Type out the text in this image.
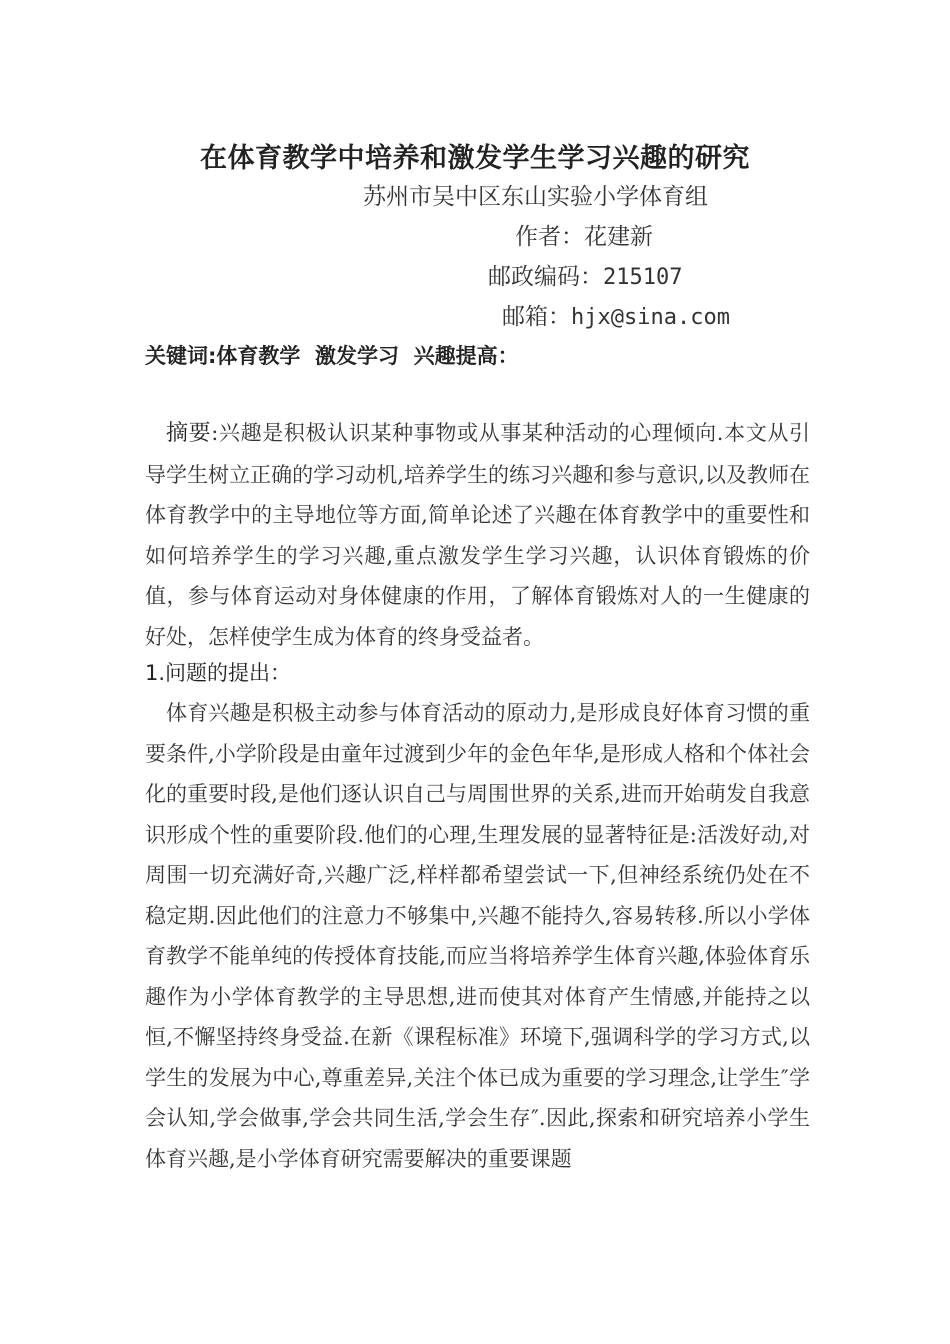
在体育教学中培养和激发学生学习兴趣的研究
苏州市吴中区东山实验小学体育组
作者：花建新
邮政编码：215107
邮箱：hjx@sina.com
关键词:体育教学  激发学习  兴趣提高：
摘要:兴趣是积极认识某种事物或从事某种活动的心理倾向.本文从引导学生树立正确的学习动机,培养学生的练习兴趣和参与意识,以及教师在体育教学中的主导地位等方面,简单论述了兴趣在体育教学中的重要性和如何培养学生的学习兴趣,重点激发学生学习兴趣，认识体育锻炼的价值，参与体育运动对身体健康的作用，了解体育锻炼对人的一生健康的好处，怎样使学生成为体育的终身受益者。
1.问题的提出：
体育兴趣是积极主动参与体育活动的原动力,是形成良好体育习惯的重要条件,小学阶段是由童年过渡到少年的金色年华,是形成人格和个体社会化的重要时段,是他们逐认识自己与周围世界的关系,进而开始萌发自我意识形成个性的重要阶段.他们的心理,生理发展的显著特征是:活泼好动,对周围一切充满好奇,兴趣广泛,样样都希望尝试一下,但神经系统仍处在不稳定期.因此他们的注意力不够集中,兴趣不能持久,容易转移.所以小学体育教学不能单纯的传授体育技能,而应当将培养学生体育兴趣,体验体育乐趣作为小学体育教学的主导思想,进而使其对体育产生情感,并能持之以恒,不懈坚持终身受益.在新《课程标准》环境下,强调科学的学习方式,以学生的发展为中心,尊重差异,关注个体已成为重要的学习理念,让学生″学会认知,学会做事,学会共同生活,学会生存″.因此,探索和研究培养小学生体育兴趣,是小学体育研究需要解决的重要课题
